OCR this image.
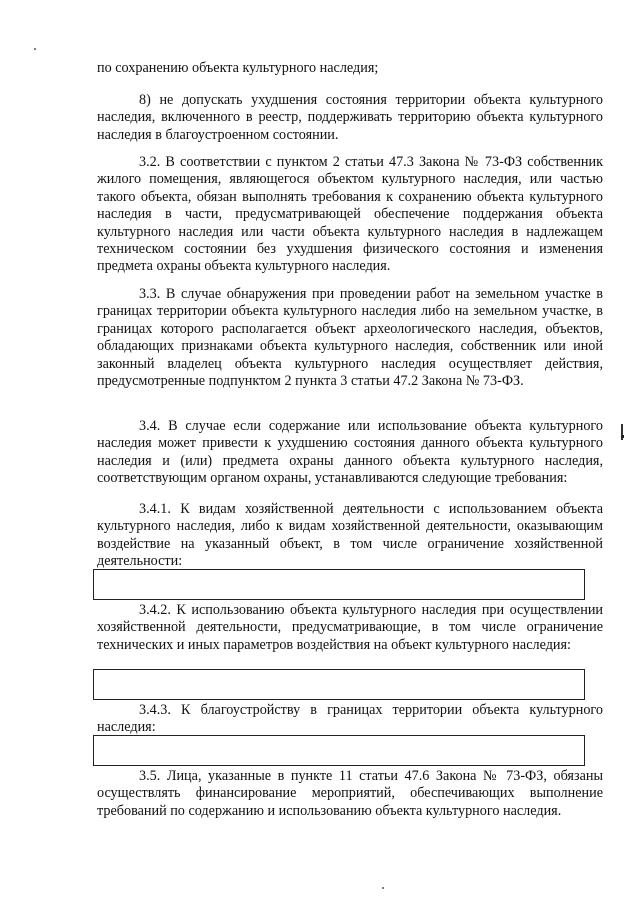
по сохранению объекта культурного наследия;

8) не допускать ухудшения состояния территории объекта культурного наследия, включенного в реестр, поддерживать территорию объекта культурного наследия в благоустроенном состоянии.

3.2. В соответствии с пунктом 2 статьи 47.3 Закона № 73-ФЗ собственник жилого помещения, являющегося объектом культурного наследия, или частью такого объекта, обязан выполнять требования к сохранению объекта культурного наследия в части, предусматривающей обеспечение поддержания объекта культурного наследия или части объекта культурного наследия в надлежащем техническом состоянии без ухудшения физического состояния и изменения предмета охраны объекта культурного наследия.

3.3. В случае обнаружения при проведении работ на земельном участке в границах территории объекта культурного наследия либо на земельном участке, в границах которого располагается объект археологического наследия, объектов, обладающих признаками объекта культурного наследия, собственник или иной законный владелец объекта культурного наследия осуществляет действия, предусмотренные подпунктом 2 пункта 3 статьи 47.2 Закона № 73-ФЗ.

3.4. В случае если содержание или использование объекта культурного наследия может привести к ухудшению состояния данного объекта культурного наследия и (или) предмета охраны данного объекта культурного наследия, соответствующим органом охраны, устанавливаются следующие требования:

3.4.1. К видам хозяйственной деятельности с использованием объекта культурного наследия, либо к видам хозяйственной деятельности, оказывающим воздействие на указанный объект, в том числе ограничение хозяйственной деятельности:

3.4.2. К использованию объекта культурного наследия при осуществлении хозяйственной деятельности, предусматривающие, в том числе ограничение технических и иных параметров воздействия на объект культурного наследия:

3.4.3. К благоустройству в границах территории объекта культурного наследия:

3.5. Лица, указанные в пункте 11 статьи 47.6 Закона № 73-ФЗ, обязаны осуществлять финансирование мероприятий, обеспечивающих выполнение требований по содержанию и использованию объекта культурного наследия.
